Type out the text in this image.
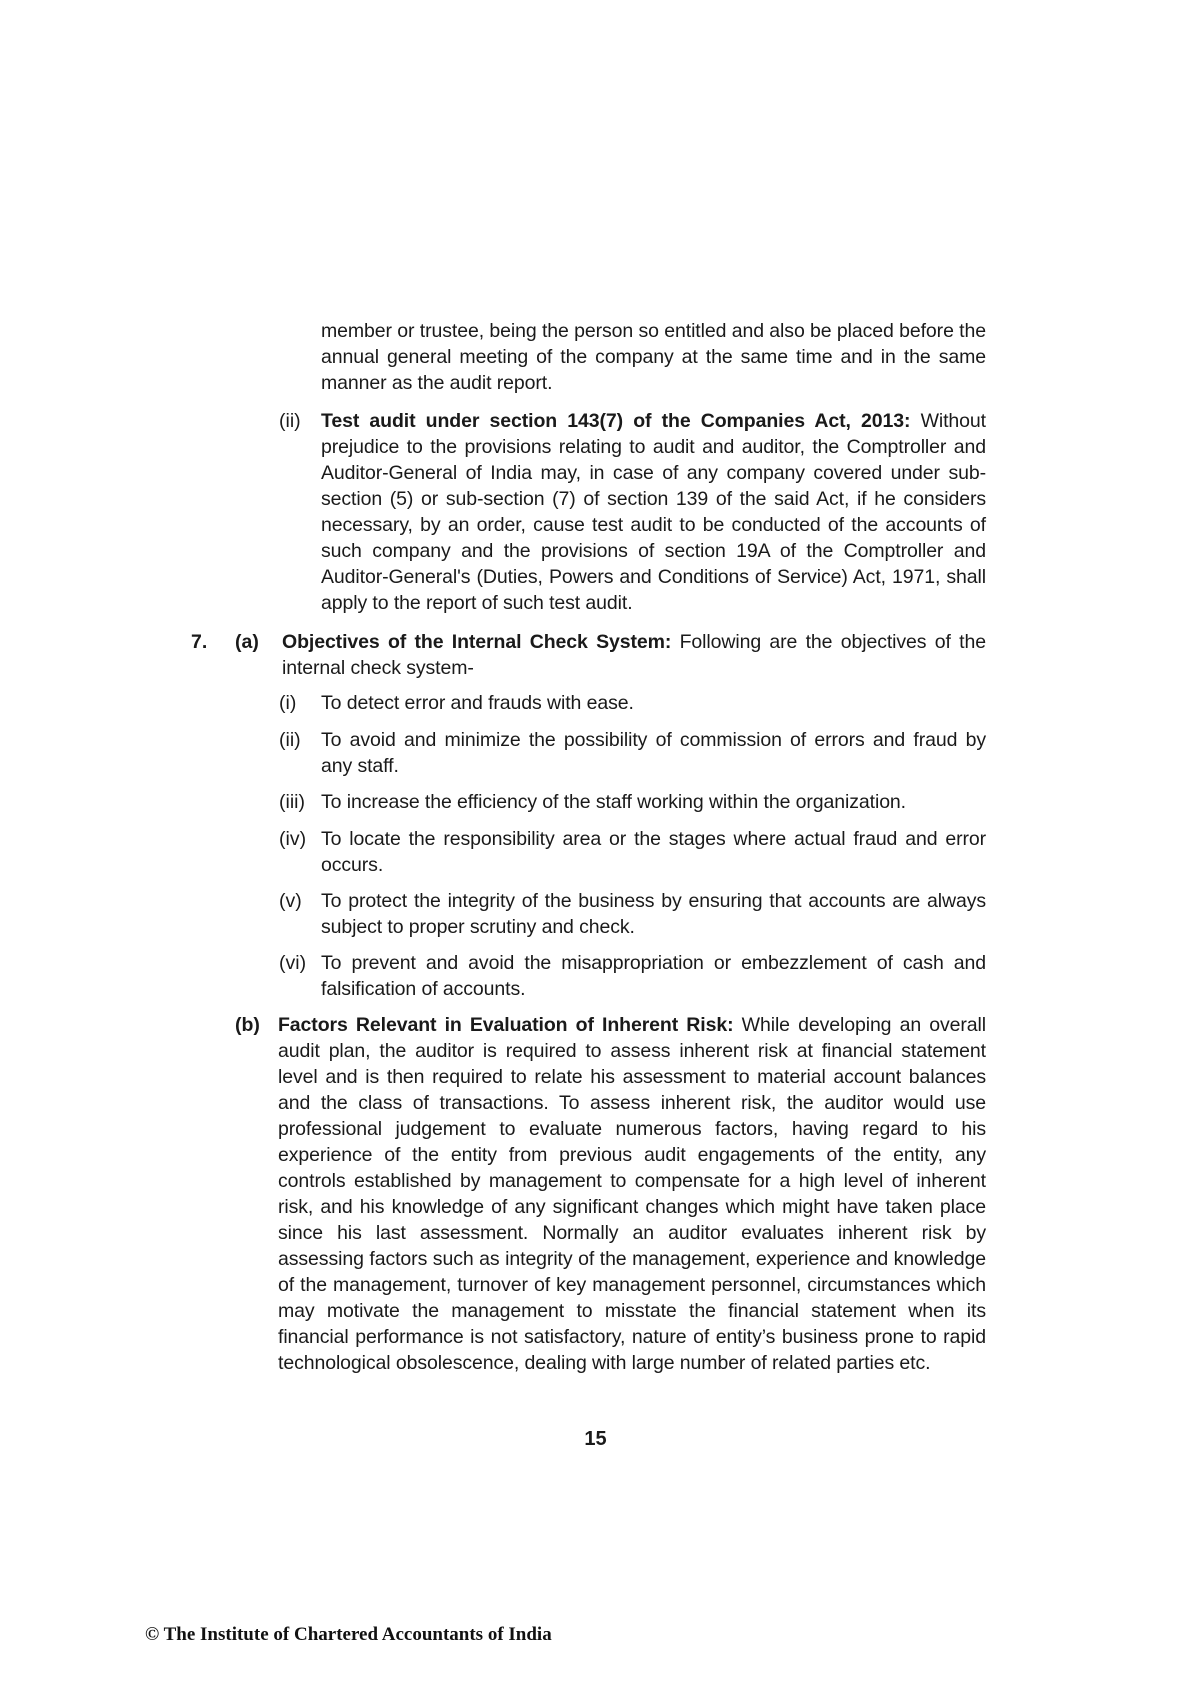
member or trustee, being the person so entitled and also be placed before the annual general meeting of the company at the same time and in the same manner as the audit report.
(ii) Test audit under section 143(7) of the Companies Act, 2013: Without prejudice to the provisions relating to audit and auditor, the Comptroller and Auditor-General of India may, in case of any company covered under sub-section (5) or sub-section (7) of section 139 of the said Act, if he considers necessary, by an order, cause test audit to be conducted of the accounts of such company and the provisions of section 19A of the Comptroller and Auditor-General's (Duties, Powers and Conditions of Service) Act, 1971, shall apply to the report of such test audit.
7. (a) Objectives of the Internal Check System: Following are the objectives of the internal check system-
(i) To detect error and frauds with ease.
(ii) To avoid and minimize the possibility of commission of errors and fraud by any staff.
(iii) To increase the efficiency of the staff working within the organization.
(iv) To locate the responsibility area or the stages where actual fraud and error occurs.
(v) To protect the integrity of the business by ensuring that accounts are always subject to proper scrutiny and check.
(vi) To prevent and avoid the misappropriation or embezzlement of cash and falsification of accounts.
(b) Factors Relevant in Evaluation of Inherent Risk: While developing an overall audit plan, the auditor is required to assess inherent risk at financial statement level and is then required to relate his assessment to material account balances and the class of transactions. To assess inherent risk, the auditor would use professional judgement to evaluate numerous factors, having regard to his experience of the entity from previous audit engagements of the entity, any controls established by management to compensate for a high level of inherent risk, and his knowledge of any significant changes which might have taken place since his last assessment. Normally an auditor evaluates inherent risk by assessing factors such as integrity of the management, experience and knowledge of the management, turnover of key management personnel, circumstances which may motivate the management to misstate the financial statement when its financial performance is not satisfactory, nature of entity’s business prone to rapid technological obsolescence, dealing with large number of related parties etc.
15
© The Institute of Chartered Accountants of India
